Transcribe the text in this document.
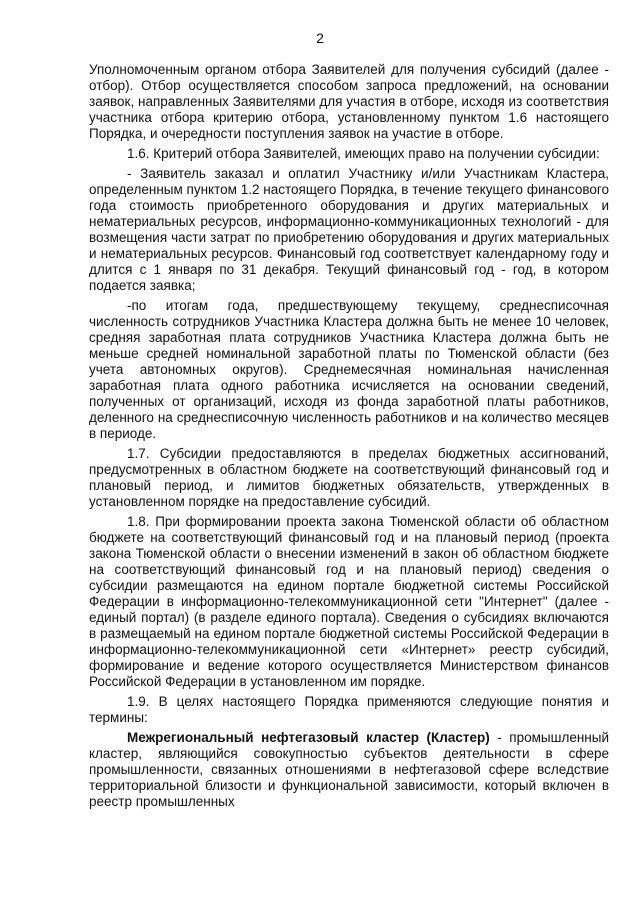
2

Уполномоченным органом отбора Заявителей для получения субсидий (далее - отбор). Отбор осуществляется способом запроса предложений, на основании заявок, направленных Заявителями для участия в отборе, исходя из соответствия участника отбора критерию отбора, установленному пунктом 1.6 настоящего Порядка, и очередности поступления заявок на участие в отборе.

1.6. Критерий отбора Заявителей, имеющих право на получении субсидии:

- Заявитель заказал и оплатил Участнику и/или Участникам Кластера, определенным пунктом 1.2 настоящего Порядка, в течение текущего финансового года стоимость приобретенного оборудования и других материальных и нематериальных ресурсов, информационно-коммуникационных технологий - для возмещения части затрат по приобретению оборудования и других материальных и нематериальных ресурсов. Финансовый год соответствует календарному году и длится с 1 января по 31 декабря. Текущий финансовый год - год, в котором подается заявка;

-по итогам года, предшествующему текущему, среднесписочная численность сотрудников Участника Кластера должна быть не менее 10 человек, средняя заработная плата сотрудников Участника Кластера должна быть не меньше средней номинальной заработной платы по Тюменской области (без учета автономных округов). Среднемесячная номинальная начисленная заработная плата одного работника исчисляется на основании сведений, полученных от организаций, исходя из фонда заработной платы работников, деленного на среднесписочную численность работников и на количество месяцев в периоде.

1.7. Субсидии предоставляются в пределах бюджетных ассигнований, предусмотренных в областном бюджете на соответствующий финансовый год и плановый период, и лимитов бюджетных обязательств, утвержденных в установленном порядке на предоставление субсидий.

1.8. При формировании проекта закона Тюменской области об областном бюджете на соответствующий финансовый год и на плановый период (проекта закона Тюменской области о внесении изменений в закон об областном бюджете на соответствующий финансовый год и на плановый период) сведения о субсидии размещаются на едином портале бюджетной системы Российской Федерации в информационно-телекоммуникационной сети "Интернет" (далее - единый портал) (в разделе единого портала). Сведения о субсидиях включаются в размещаемый на едином портале бюджетной системы Российской Федерации в информационно-телекоммуникационной сети «Интернет» реестр субсидий, формирование и ведение которого осуществляется Министерством финансов Российской Федерации в установленном им порядке.

1.9. В целях настоящего Порядка применяются следующие понятия и термины:

Межрегиональный нефтегазовый кластер (Кластер) - промышленный кластер, являющийся совокупностью субъектов деятельности в сфере промышленности, связанных отношениями в нефтегазовой сфере вследствие территориальной близости и функциональной зависимости, который включен в реестр промышленных
